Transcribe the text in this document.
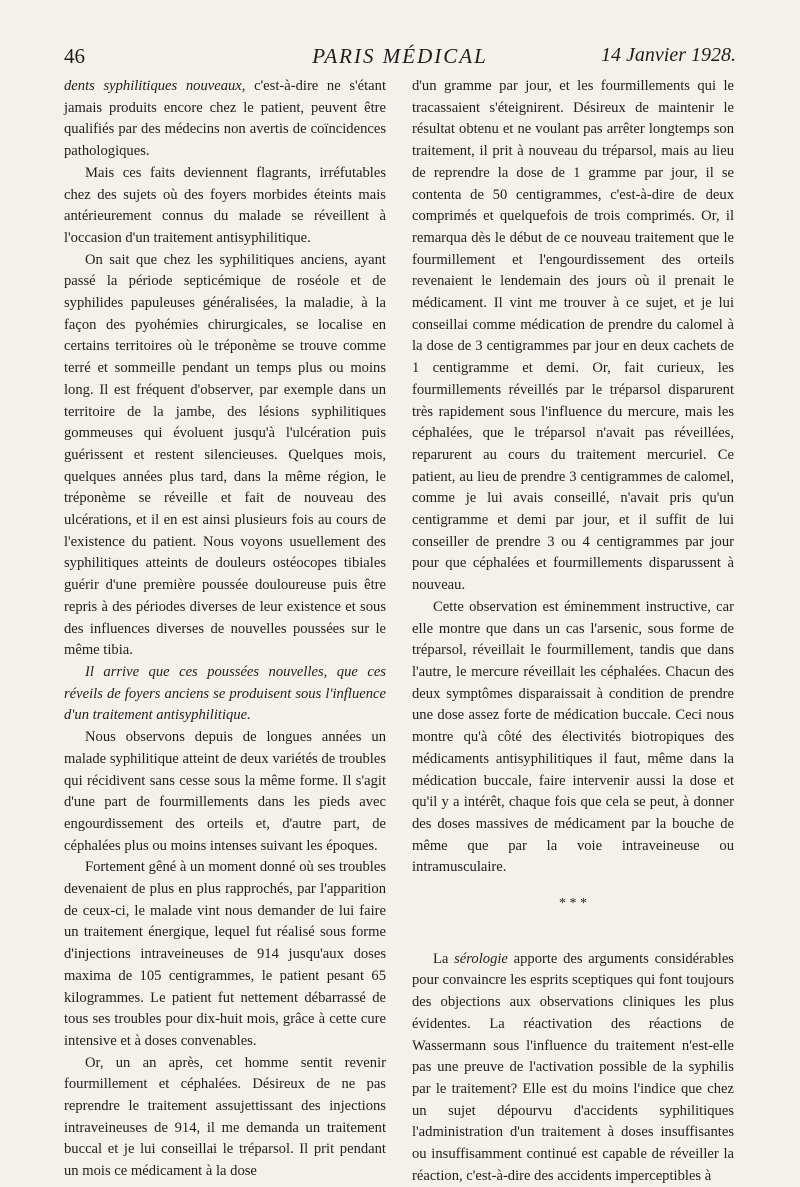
46	PARIS MÉDICAL	14 Janvier 1928.

dents syphilitiques nouveaux, c'est-à-dire ne s'étant jamais produits encore chez le patient, peuvent être qualifiés par des médecins non avertis de coïncidences pathologiques.

Mais ces faits deviennent flagrants, irréfutables chez des sujets où des foyers morbides éteints mais antérieurement connus du malade se réveillent à l'occasion d'un traitement antisyphilitique.

On sait que chez les syphilitiques anciens, ayant passé la période septicémique de roséole et de syphilides papuleuses généralisées, la maladie, à la façon des pyohémies chirurgicales, se localise en certains territoires où le tréponème se trouve comme terré et sommeille pendant un temps plus ou moins long. Il est fréquent d'observer, par exemple dans un territoire de la jambe, des lésions syphilitiques gommeuses qui évoluent jusqu'à l'ulcération puis guérissent et restent silencieuses. Quelques mois, quelques années plus tard, dans la même région, le tréponème se réveille et fait de nouveau des ulcérations, et il en est ainsi plusieurs fois au cours de l'existence du patient. Nous voyons usuellement des syphilitiques atteints de douleurs ostéocopes tibiales guérir d'une première poussée douloureuse puis être repris à des périodes diverses de leur existence et sous des influences diverses de nouvelles poussées sur le même tibia.

Il arrive que ces poussées nouvelles, que ces réveils de foyers anciens se produisent sous l'influence d'un traitement antisyphilitique.

Nous observons depuis de longues années un malade syphilitique atteint de deux variétés de troubles qui récidivent sans cesse sous la même forme. Il s'agit d'une part de fourmillements dans les pieds avec engourdissement des orteils et, d'autre part, de céphalées plus ou moins intenses suivant les époques.

Fortement gêné à un moment donné où ses troubles devenaient de plus en plus rapprochés, par l'apparition de ceux-ci, le malade vint nous demander de lui faire un traitement énergique, lequel fut réalisé sous forme d'injections intraveineuses de 914 jusqu'aux doses maxima de 105 centigrammes, le patient pesant 65 kilogrammes. Le patient fut nettement débarrassé de tous ses troubles pour dix-huit mois, grâce à cette cure intensive et à doses convenables.

Or, un an après, cet homme sentit revenir fourmillement et céphalées. Désireux de ne pas reprendre le traitement assujettissant des injections intraveineuses de 914, il me demanda un traitement buccal et je lui conseillai le tréparsol. Il prit pendant un mois ce médicament à la dose

d'un gramme par jour, et les fourmillements qui le tracassaient s'éteignirent. Désireux de maintenir le résultat obtenu et ne voulant pas arrêter longtemps son traitement, il prit à nouveau du tréparsol, mais au lieu de reprendre la dose de 1 gramme par jour, il se contenta de 50 centigrammes, c'est-à-dire de deux comprimés et quelquefois de trois comprimés. Or, il remarqua dès le début de ce nouveau traitement que le fourmillement et l'engourdissement des orteils revenaient le lendemain des jours où il prenait le médicament. Il vint me trouver à ce sujet, et je lui conseillai comme médication de prendre du calomel à la dose de 3 centigrammes par jour en deux cachets de 1 centigramme et demi. Or, fait curieux, les fourmillements réveillés par le tréparsol disparurent très rapidement sous l'influence du mercure, mais les céphalées, que le tréparsol n'avait pas réveillées, reparurent au cours du traitement mercuriel. Ce patient, au lieu de prendre 3 centigrammes de calomel, comme je lui avais conseillé, n'avait pris qu'un centigramme et demi par jour, et il suffit de lui conseiller de prendre 3 ou 4 centigrammes par jour pour que céphalées et fourmillements disparussent à nouveau.

Cette observation est éminemment instructive, car elle montre que dans un cas l'arsenic, sous forme de tréparsol, réveillait le fourmillement, tandis que dans l'autre, le mercure réveillait les céphalées. Chacun des deux symptômes disparaissait à condition de prendre une dose assez forte de médication buccale. Ceci nous montre qu'à côté des électivités biotropiques des médicaments antisyphilitiques il faut, même dans la médication buccale, faire intervenir aussi la dose et qu'il y a intérêt, chaque fois que cela se peut, à donner des doses massives de médicament par la bouche de même que par la voie intraveineuse ou intramusculaire.

* * *

La sérologie apporte des arguments considérables pour convaincre les esprits sceptiques qui font toujours des objections aux observations cliniques les plus évidentes. La réactivation des réactions de Wassermann sous l'influence du traitement n'est-elle pas une preuve de l'activation possible de la syphilis par le traitement? Elle est du moins l'indice que chez un sujet dépourvu d'accidents syphilitiques l'administration d'un traitement à doses insuffisantes ou insuffisamment continué est capable de réveiller la réaction, c'est-à-dire des accidents imperceptibles à
